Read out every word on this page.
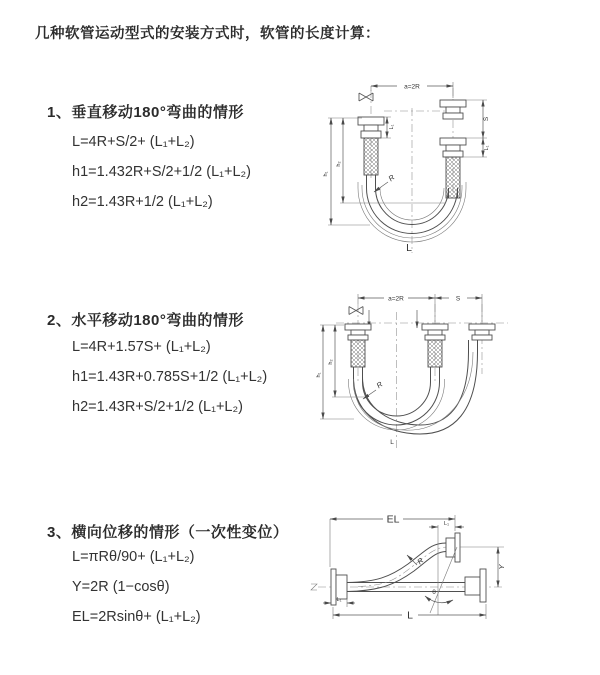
几种软管运动型式的安装方式时，软管的长度计算：
1、垂直移动180°弯曲的情形
L=4R+S/2+ (L₁+L₂)
h1=1.432R+S/2+1/2 (L₁+L₂)
h2=1.43R+1/2 (L₁+L₂)
a=2R
h₁
h₂
L₁
S
L₁
R
L
2、水平移动180°弯曲的情形
L=4R+1.57S+ (L₁+L₂)
h1=1.43R+0.785S+1/2 (L₁+L₂)
h2=1.43R+S/2+1/2 (L₁+L₂)
a=2R	S
h₁
h₂
R
L
3、横向位移的情形（一次性变位）
L=πRθ/90+ (L₁+L₂)
Y=2R (1−cosθ)
EL=2Rsinθ+ (L₁+L₂)
EL	L₁
θ
R
Y
L
L₁
